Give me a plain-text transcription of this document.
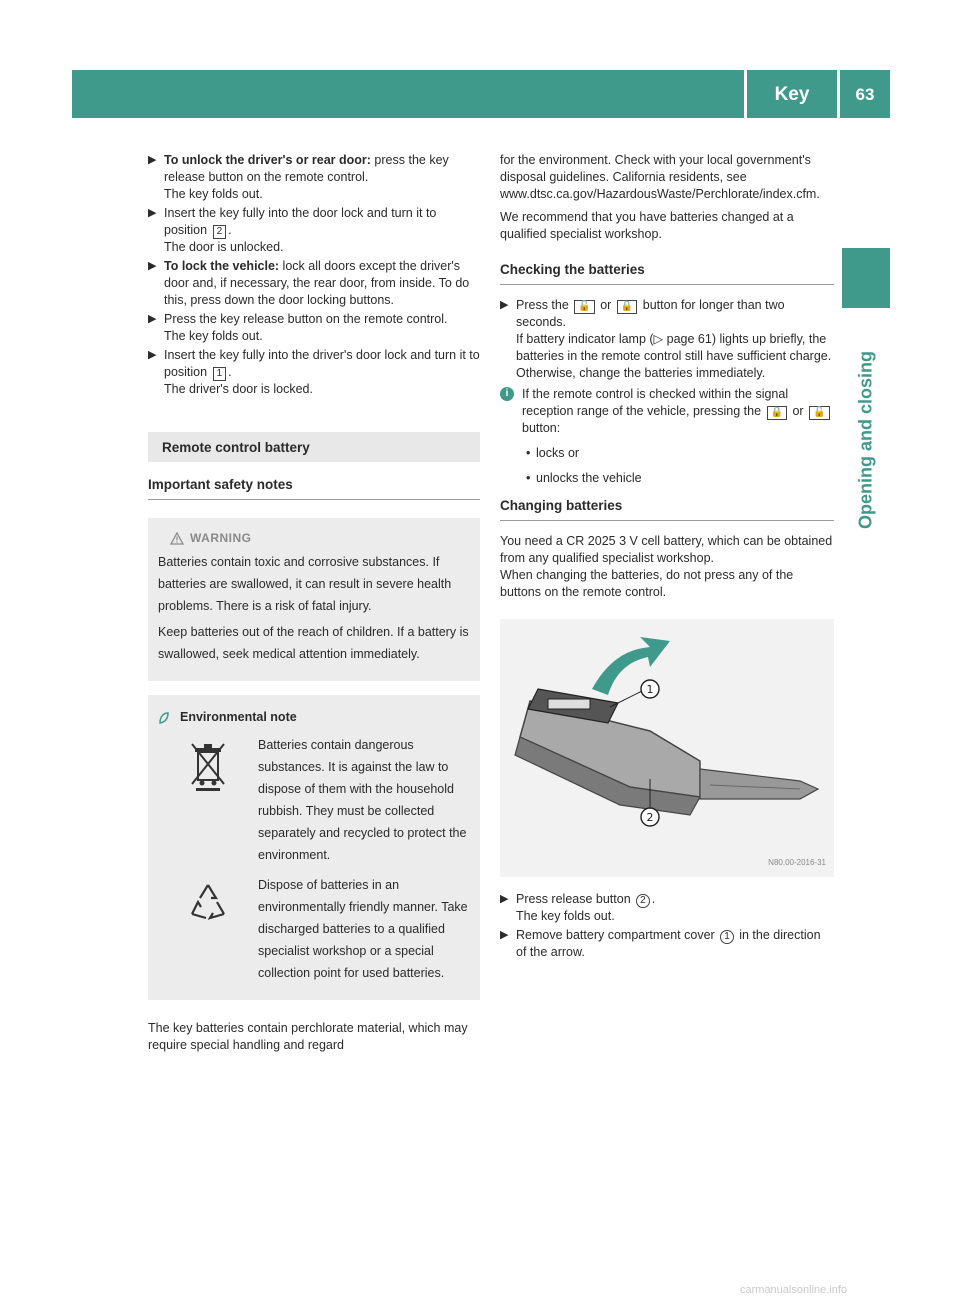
Key	63
Opening and closing
▶ To unlock the driver's or rear door: press the key release button on the remote control.
The key folds out.
▶ Insert the key fully into the door lock and turn it to position 2 .
The door is unlocked.
▶ To lock the vehicle: lock all doors except the driver's door and, if necessary, the rear door, from inside. To do this, press down the door locking buttons.
▶ Press the key release button on the remote control.
The key folds out.
▶ Insert the key fully into the driver's door lock and turn it to position 1 .
The driver's door is locked.
Remote control battery
Important safety notes
WARNING

Batteries contain toxic and corrosive substances. If batteries are swallowed, it can result in severe health problems. There is a risk of fatal injury.

Keep batteries out of the reach of children. If a battery is swallowed, seek medical attention immediately.

Environmental note
Batteries contain dangerous substances. It is against the law to dispose of them with the household rubbish. They must be collected separately and recycled to protect the environment.
Dispose of batteries in an environmentally friendly manner. Take discharged batteries to a qualified specialist workshop or a special collection point for used batteries.

The key batteries contain perchlorate material, which may require special handling and regard

for the environment. Check with your local government's disposal guidelines. California residents, see www.dtsc.ca.gov/HazardousWaste/Perchlorate/index.cfm.

We recommend that you have batteries changed at a qualified specialist workshop.

Checking the batteries
▶ Press the 🔓 or 🔒 button for longer than two seconds.
If battery indicator lamp (▷ page 61) lights up briefly, the batteries in the remote control still have sufficient charge. Otherwise, change the batteries immediately.
i	If the remote control is checked within the signal reception range of the vehicle, pressing the 🔒 or 🔓 button:
• locks or
• unlocks the vehicle
Changing batteries

You need a CR 2025 3 V cell battery, which can be obtained from any qualified specialist workshop.

When changing the batteries, do not press any of the buttons on the remote control.

1
2
N80.00-2016-31
▶ Press release button 2 .
The key folds out.
▶ Remove battery compartment cover 1 in the direction of the arrow.
carmanualsonline.info
